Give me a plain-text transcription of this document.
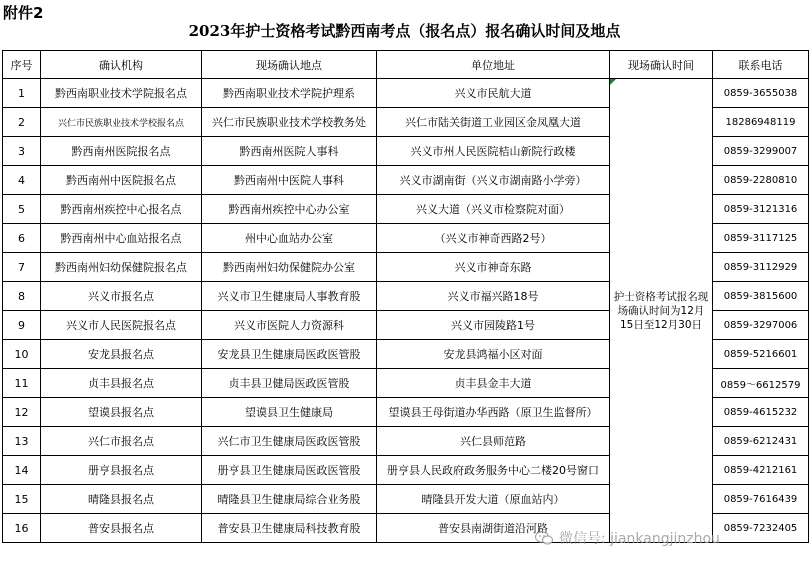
附件2
2023年护士资格考试黔西南考点（报名点）报名确认时间及地点
序号	确认机构	现场确认地点	单位地址	现场确认时间	联系电话
1	黔西南职业技术学院报名点	黔西南职业技术学院护理系	兴义市民航大道	护士资格考试报名现场确认时间为12月15日至12月30日	0859-3655038
2	兴仁市民族职业技术学校报名点	兴仁市民族职业技术学校教务处	兴仁市陆关街道工业园区金凤凰大道		18286948119
3	黔西南州医院报名点	黔西南州医院人事科	兴义市州人民医院桔山新院行政楼		0859-3299007
4	黔西南州中医院报名点	黔西南州中医院人事科	兴义市湖南街（兴义市湖南路小学旁）		0859-2280810
5	黔西南州疾控中心报名点	黔西南州疾控中心办公室	兴义大道（兴义市检察院对面）		0859-3121316
6	黔西南州中心血站报名点	州中心血站办公室	（兴义市神奇西路2号）		0859-3117125
7	黔西南州妇幼保健院报名点	黔西南州妇幼保健院办公室	兴义市神奇东路		0859-3112929
8	兴义市报名点	兴义市卫生健康局人事教育股	兴义市福兴路18号		0859-3815600
9	兴义市人民医院报名点	兴义市医院人力资源科	兴义市园陵路1号		0859-3297006
10	安龙县报名点	安龙县卫生健康局医政医管股	安龙县鸿福小区对面		0859-5216601
11	贞丰县报名点	贞丰县卫健局医政医管股	贞丰县金丰大道		0859～6612579
12	望谟县报名点	望谟县卫生健康局	望谟县王母街道办华西路（原卫生监督所）		0859-4615232
13	兴仁市报名点	兴仁市卫生健康局医政医管股	兴仁县师范路		0859-6212431
14	册亨县报名点	册亨县卫生健康局医政医管股	册亨县人民政府政务服务中心二楼20号窗口		0859-4212161
15	晴隆县报名点	晴隆县卫生健康局综合业务股	晴隆县开发大道（原血站内）		0859-7616439
16	普安县报名点	普安县卫生健康局科技教育股	普安县南湖街道沿河路		0859-7232405
微信号: jiankangjinzhou
